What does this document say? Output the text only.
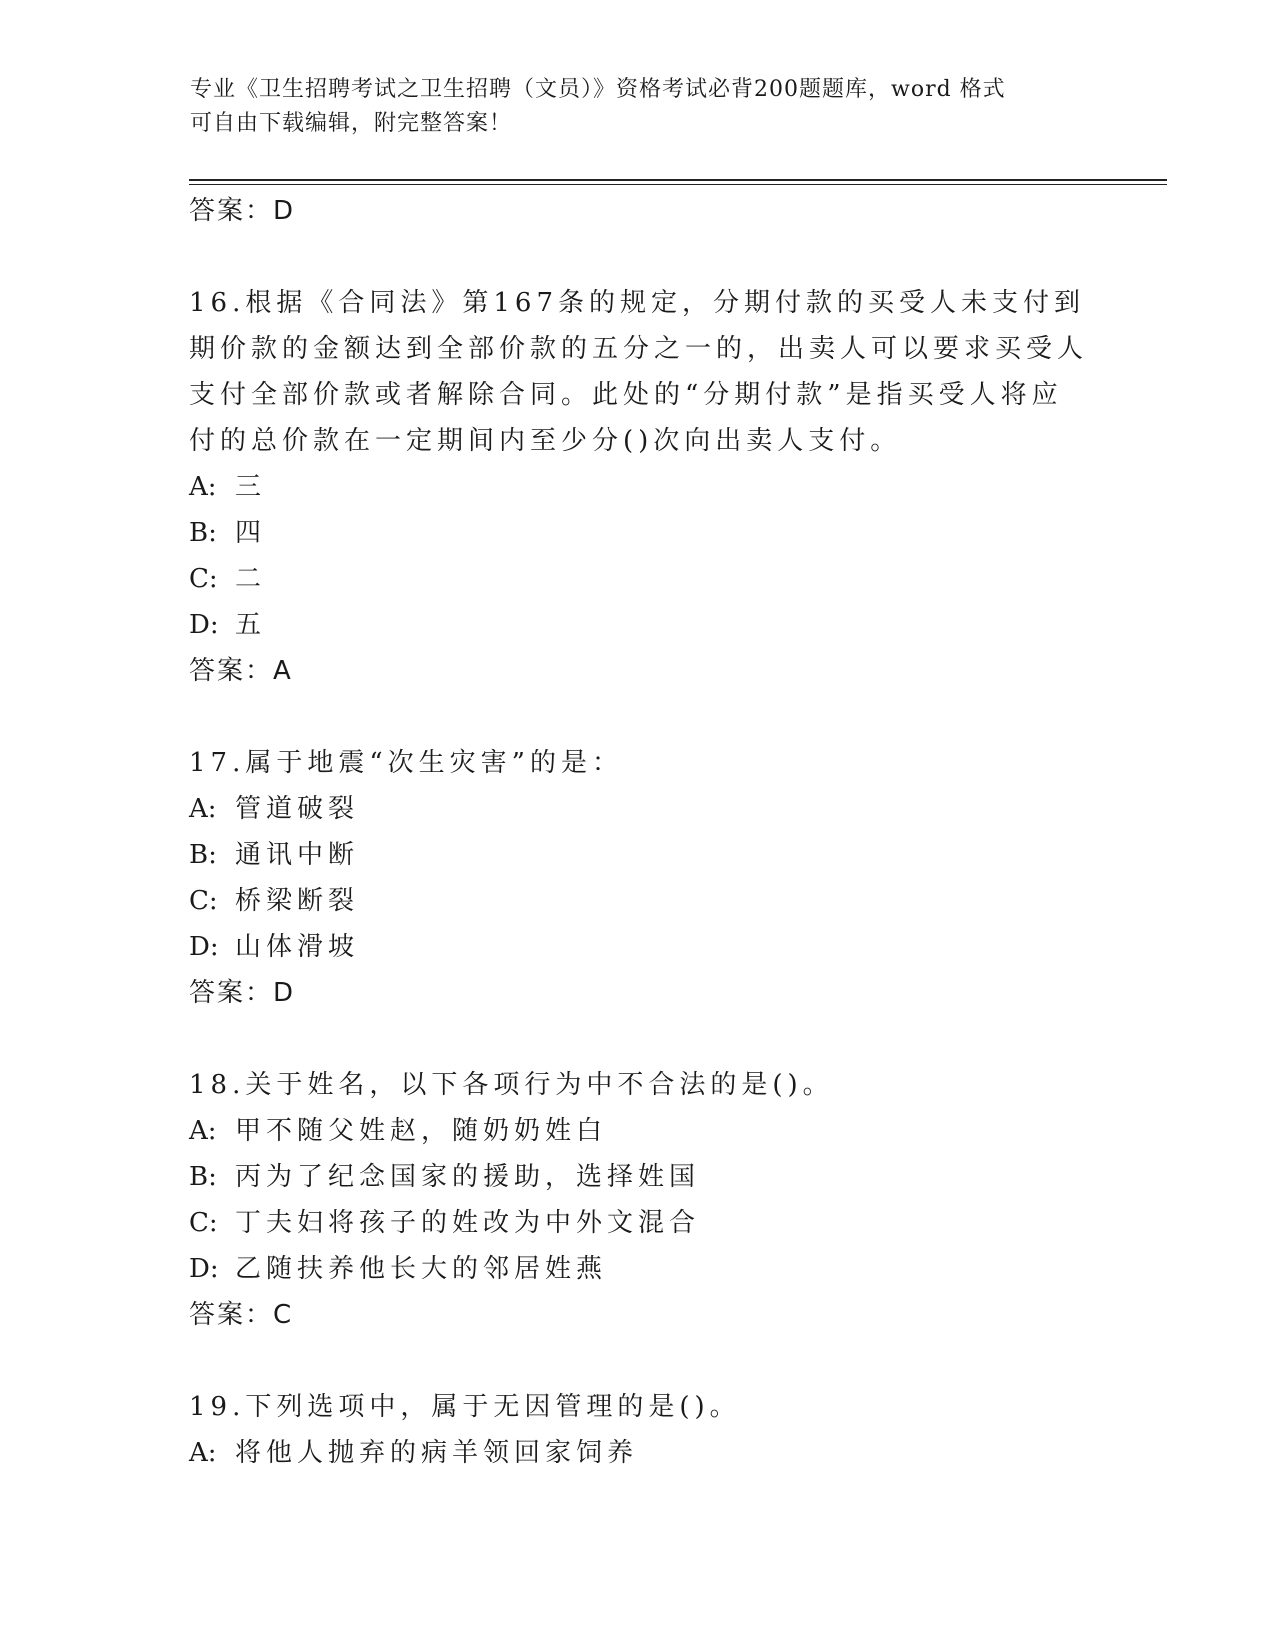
专业《卫生招聘考试之卫生招聘（文员）》资格考试必背200题题库，word 格式
可自由下载编辑，附完整答案！
答案：D
16.根据《合同法》第167条的规定，分期付款的买受人未支付到期价款的金额达到全部价款的五分之一的，出卖人可以要求买受人支付全部价款或者解除合同。此处的“分期付款”是指买受人将应付的总价款在一定期间内至少分()次向出卖人支付。
A: 三
B: 四
C: 二
D: 五
答案：A
17.属于地震“次生灾害”的是：
A: 管道破裂
B: 通讯中断
C: 桥梁断裂
D: 山体滑坡
答案：D
18.关于姓名，以下各项行为中不合法的是()。
A: 甲不随父姓赵，随奶奶姓白
B: 丙为了纪念国家的援助，选择姓国
C: 丁夫妇将孩子的姓改为中外文混合
D: 乙随扶养他长大的邻居姓燕
答案：C
19.下列选项中，属于无因管理的是()。
A: 将他人抛弃的病羊领回家饲养
